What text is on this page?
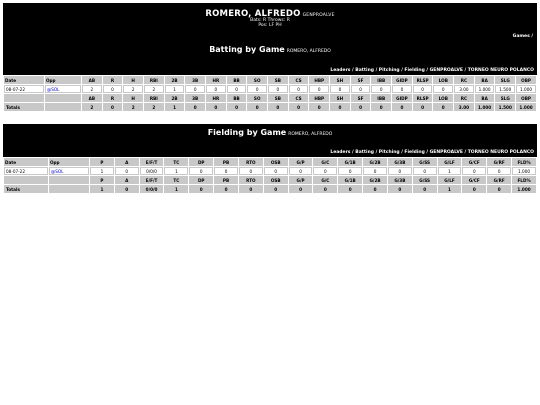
ROMERO, ALFREDO GENPROALVE
Bats: R Throws: R
Pos: LF PH
Games /
Batting by Game ROMERO, ALFREDO
Leaders / Batting / Pitching / Fielding / GENPROALVE / TORNEO NEURO POLANCO
Date	Opp	AB	R	H	RBI	2B	3B	HR	BB	SO	SB	CS	HBP	SH	SF	IBB	GIDP	RLSP	LOB	RC	BA	SLG	OBP
08-07-22	@SOL	2	0	2	2	1	0	0	0	0	0	0	0	0	0	0	0	0	0	3.00	1.000	1.500	1.000
		AB	R	H	RBI	2B	3B	HR	BB	SO	SB	CS	HBP	SH	SF	IBB	GIDP	RLSP	LOB	RC	BA	SLG	OBP
Totals		2	0	2	2	1	0	0	0	0	0	0	0	0	0	0	0	0	0	3.00	1.000	1.500	1.000
Fielding by Game ROMERO, ALFREDO
Leaders / Batting / Pitching / Fielding / GENPROALVE / TORNEO NEURO POLANCO
Date	Opp	P	A	E/F/T	TC	DP	PB	RTO	OSB	G/P	G/C	G/1B	G/2B	G/3B	G/SS	G/LF	G/CF	G/RF	FLD%
08-07-22	@SOL	1	0	0/0/0	1	0	0	0	0	0	0	0	0	0	0	1	0	0	1.000
		P	A	E/F/T	TC	DP	PB	RTO	OSB	G/P	G/C	G/1B	G/2B	G/3B	G/SS	G/LF	G/CF	G/RF	FLD%
Totals		1	0	0/0/0	1	0	0	0	0	0	0	0	0	0	0	1	0	0	1.000
